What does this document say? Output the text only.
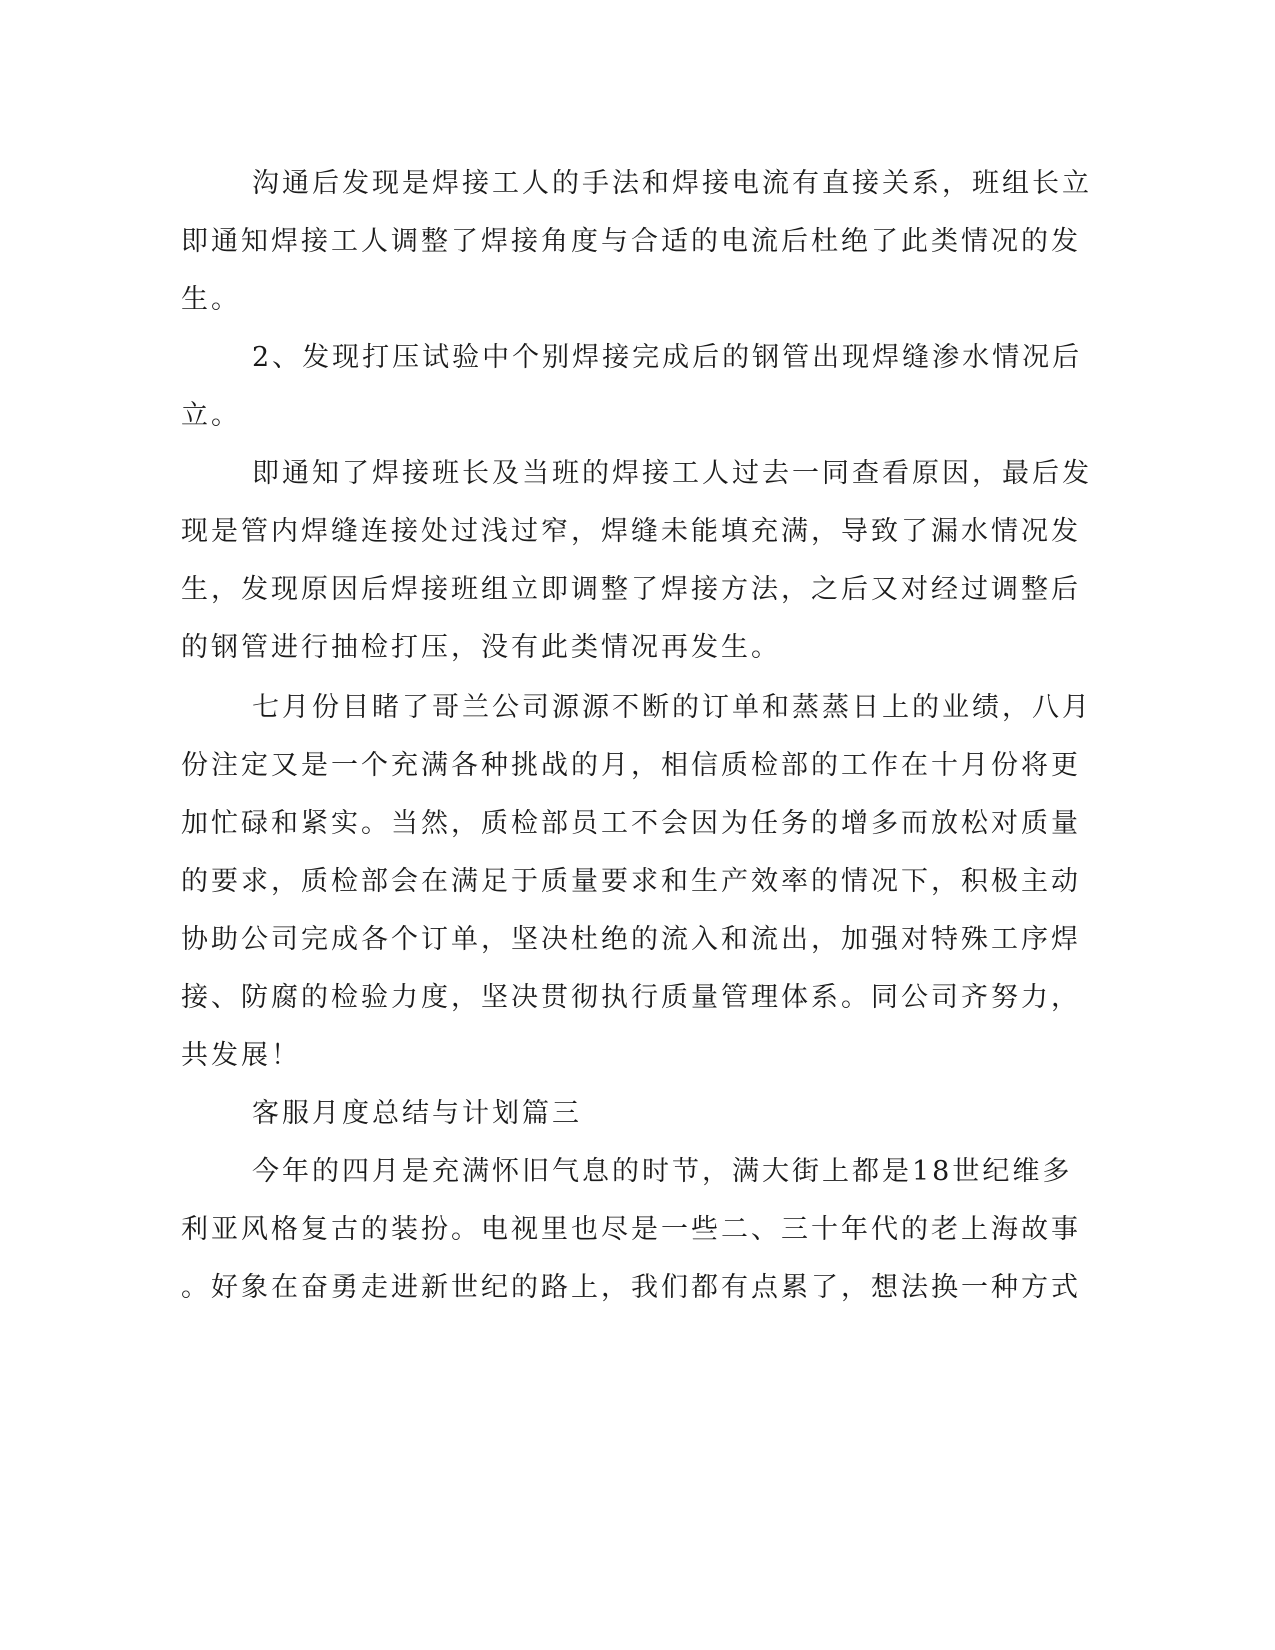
沟通后发现是焊接工人的手法和焊接电流有直接关系，班组长立
即通知焊接工人调整了焊接角度与合适的电流后杜绝了此类情况的发
生。
2、发现打压试验中个别焊接完成后的钢管出现焊缝渗水情况后
立。
即通知了焊接班长及当班的焊接工人过去一同查看原因，最后发
现是管内焊缝连接处过浅过窄，焊缝未能填充满，导致了漏水情况发
生，发现原因后焊接班组立即调整了焊接方法，之后又对经过调整后
的钢管进行抽检打压，没有此类情况再发生。
七月份目睹了哥兰公司源源不断的订单和蒸蒸日上的业绩，八月
份注定又是一个充满各种挑战的月，相信质检部的工作在十月份将更
加忙碌和紧实。当然，质检部员工不会因为任务的增多而放松对质量
的要求，质检部会在满足于质量要求和生产效率的情况下，积极主动
协助公司完成各个订单，坚决杜绝的流入和流出，加强对特殊工序焊
接、防腐的检验力度，坚决贯彻执行质量管理体系。同公司齐努力，
共发展！
客服月度总结与计划篇三
今年的四月是充满怀旧气息的时节，满大街上都是18世纪维多
利亚风格复古的装扮。电视里也尽是一些二、三十年代的老上海故事
。好象在奋勇走进新世纪的路上，我们都有点累了，想法换一种方式
